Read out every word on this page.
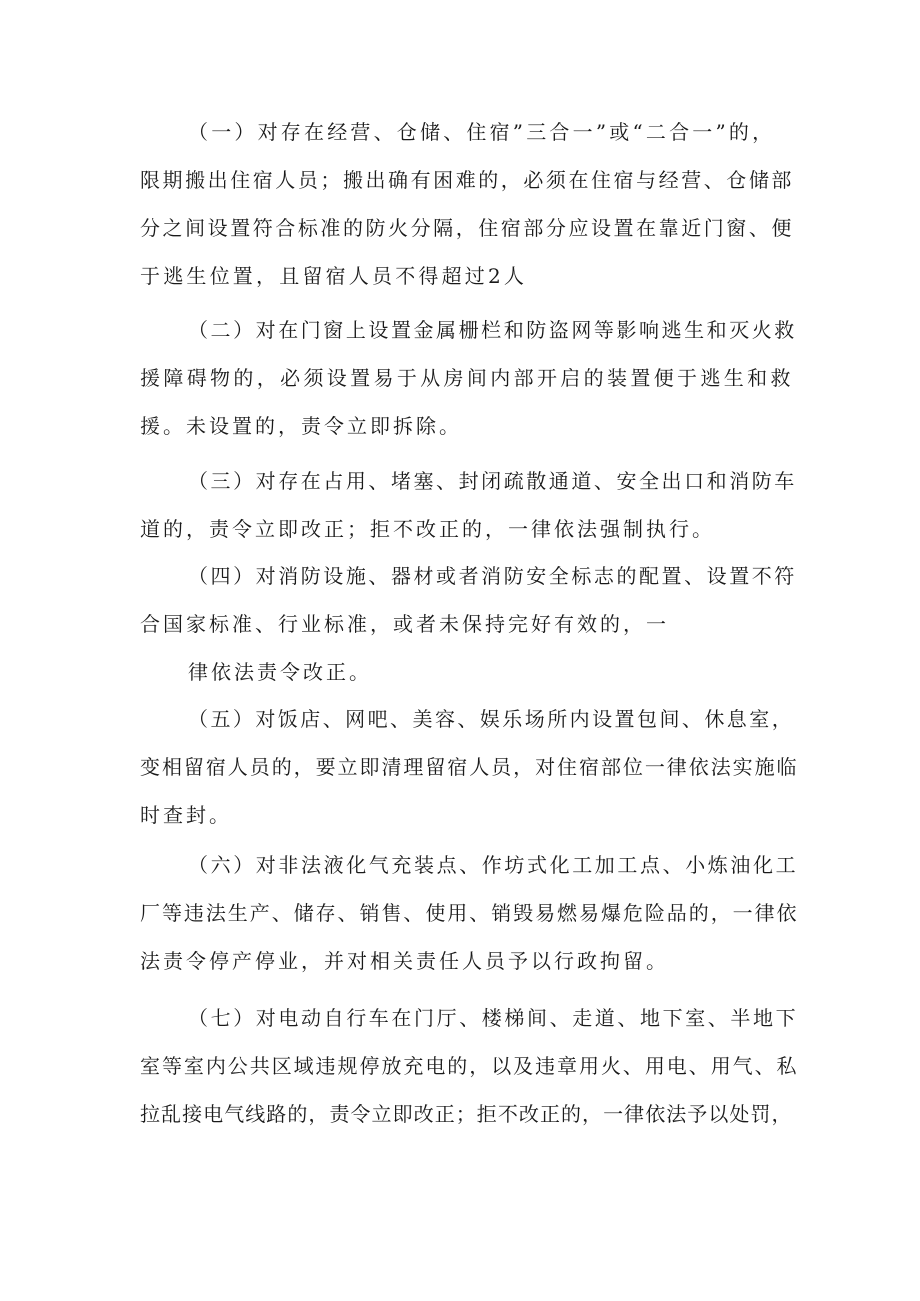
（一）对存在经营、仓储、住宿”三合一”或“二合一”的，
限期搬出住宿人员；搬出确有困难的，必须在住宿与经营、仓储部
分之间设置符合标准的防火分隔，住宿部分应设置在靠近门窗、便
于逃生位置，且留宿人员不得超过2人
（二）对在门窗上设置金属栅栏和防盗网等影响逃生和灭火救
援障碍物的，必须设置易于从房间内部开启的装置便于逃生和救
援。未设置的，责令立即拆除。
（三）对存在占用、堵塞、封闭疏散通道、安全出口和消防车
道的，责令立即改正；拒不改正的，一律依法强制执行。
（四）对消防设施、器材或者消防安全标志的配置、设置不符
合国家标准、行业标准，或者未保持完好有效的，一
律依法责令改正。
（五）对饭店、网吧、美容、娱乐场所内设置包间、休息室，
变相留宿人员的，要立即清理留宿人员，对住宿部位一律依法实施临
时查封。
（六）对非法液化气充装点、作坊式化工加工点、小炼油化工
厂等违法生产、储存、销售、使用、销毁易燃易爆危险品的，一律依
法责令停产停业，并对相关责任人员予以行政拘留。
（七）对电动自行车在门厅、楼梯间、走道、地下室、半地下
室等室内公共区域违规停放充电的，以及违章用火、用电、用气、私
拉乱接电气线路的，责令立即改正；拒不改正的，一律依法予以处罚，
